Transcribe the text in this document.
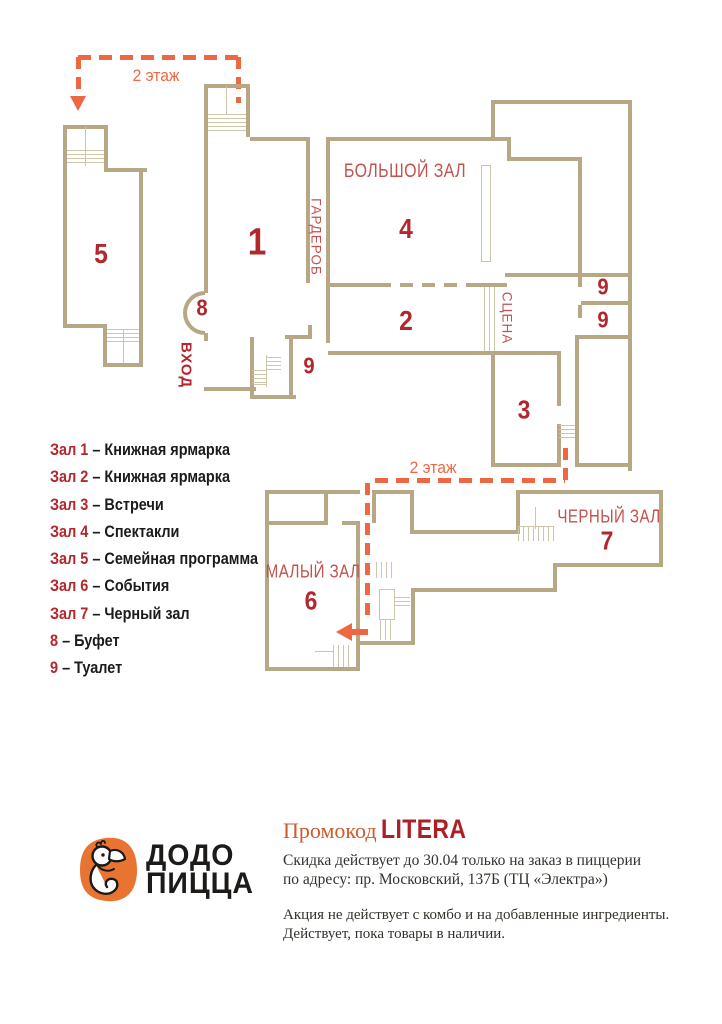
2 этаж
БОЛЬШОЙ ЗАЛ
ГАРДЕРОБ
СЦЕНА
ВХОД
1	4
5
2
3
8
9
9
9
2 этаж
МАЛЫЙ ЗАЛ
ЧЕРНЫЙ ЗАЛ
6
7
Зал 1 – Книжная ярмарка
Зал 2 – Книжная ярмарка
Зал 3 – Встречи
Зал 4 – Спектакли
Зал 5 – Семейная программа
Зал 6 – События
Зал 7 – Черный зал
8 – Буфет
9 – Туалет
ДОДО
ПИЦЦА
Промокод LITERA
Скидка действует до 30.04 только на заказ в пиццерии
по адресу: пр. Московский, 137Б (ТЦ «Электра»)
Акция не действует с комбо и на добавленные ингредиенты.
Действует, пока товары в наличии.
